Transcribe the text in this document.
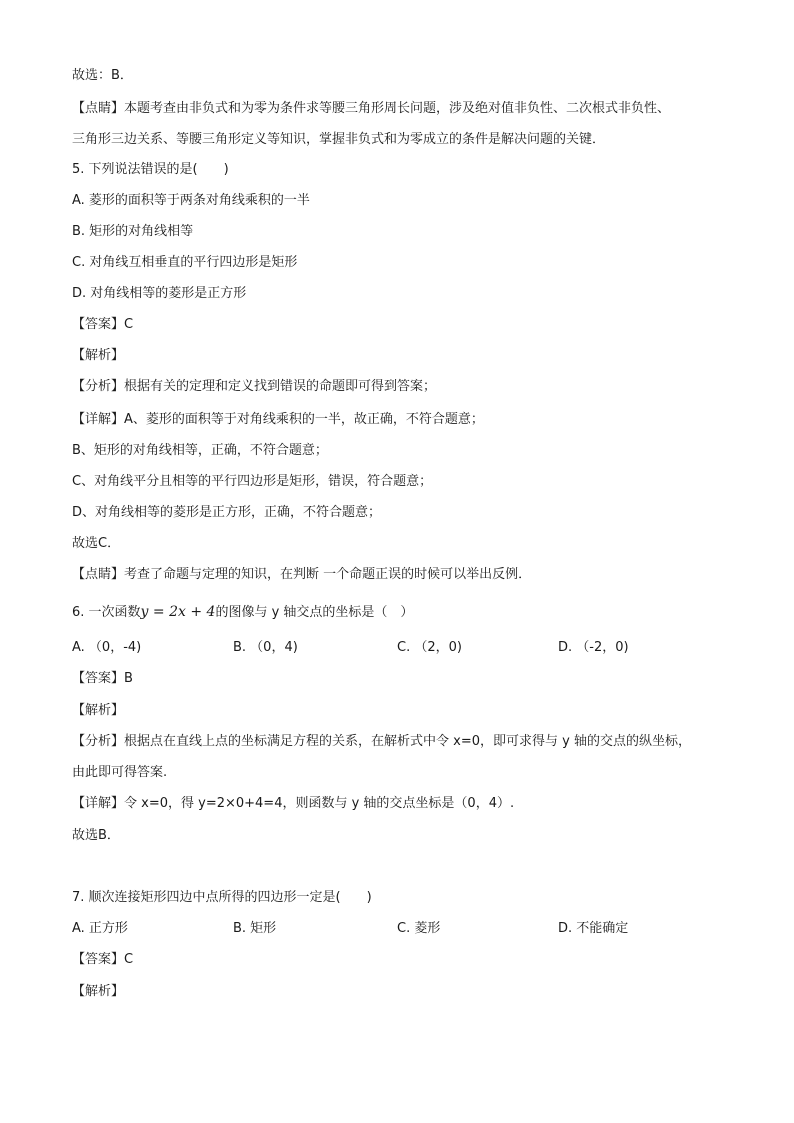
故选：B．
【点睛】本题考查由非负式和为零为条件求等腰三角形周长问题，涉及绝对值非负性、二次根式非负性、
三角形三边关系、等腰三角形定义等知识，掌握非负式和为零成立的条件是解决问题的关键．
5. 下列说法错误的是(　　)
A. 菱形的面积等于两条对角线乘积的一半
B. 矩形的对角线相等
C. 对角线互相垂直的平行四边形是矩形
D. 对角线相等的菱形是正方形
【答案】C
【解析】
【分析】根据有关的定理和定义找到错误的命题即可得到答案；
【详解】A、菱形的面积等于对角线乘积的一半，故正确，不符合题意；
B、矩形的对角线相等，正确，不符合题意；
C、对角线平分且相等的平行四边形是矩形，错误，符合题意；
D、对角线相等的菱形是正方形，正确，不符合题意；
故选C．
【点睛】考查了命题与定理的知识，在判断 一个命题正误的时候可以举出反例．
6. 一次函数y = 2x + 4的图像与 y 轴交点的坐标是（　）
A. （0，-4)	B. （0，4)	C. （2，0)	D. （-2，0)
【答案】B
【解析】
【分析】根据点在直线上点的坐标满足方程的关系，在解析式中令 x=0，即可求得与 y 轴的交点的纵坐标，
由此即可得答案.
【详解】令 x=0，得 y=2×0+4=4，则函数与 y 轴的交点坐标是（0，4）.
故选B．
7. 顺次连接矩形四边中点所得的四边形一定是(　　)
A. 正方形	B. 矩形	C. 菱形	D. 不能确定
【答案】C
【解析】
